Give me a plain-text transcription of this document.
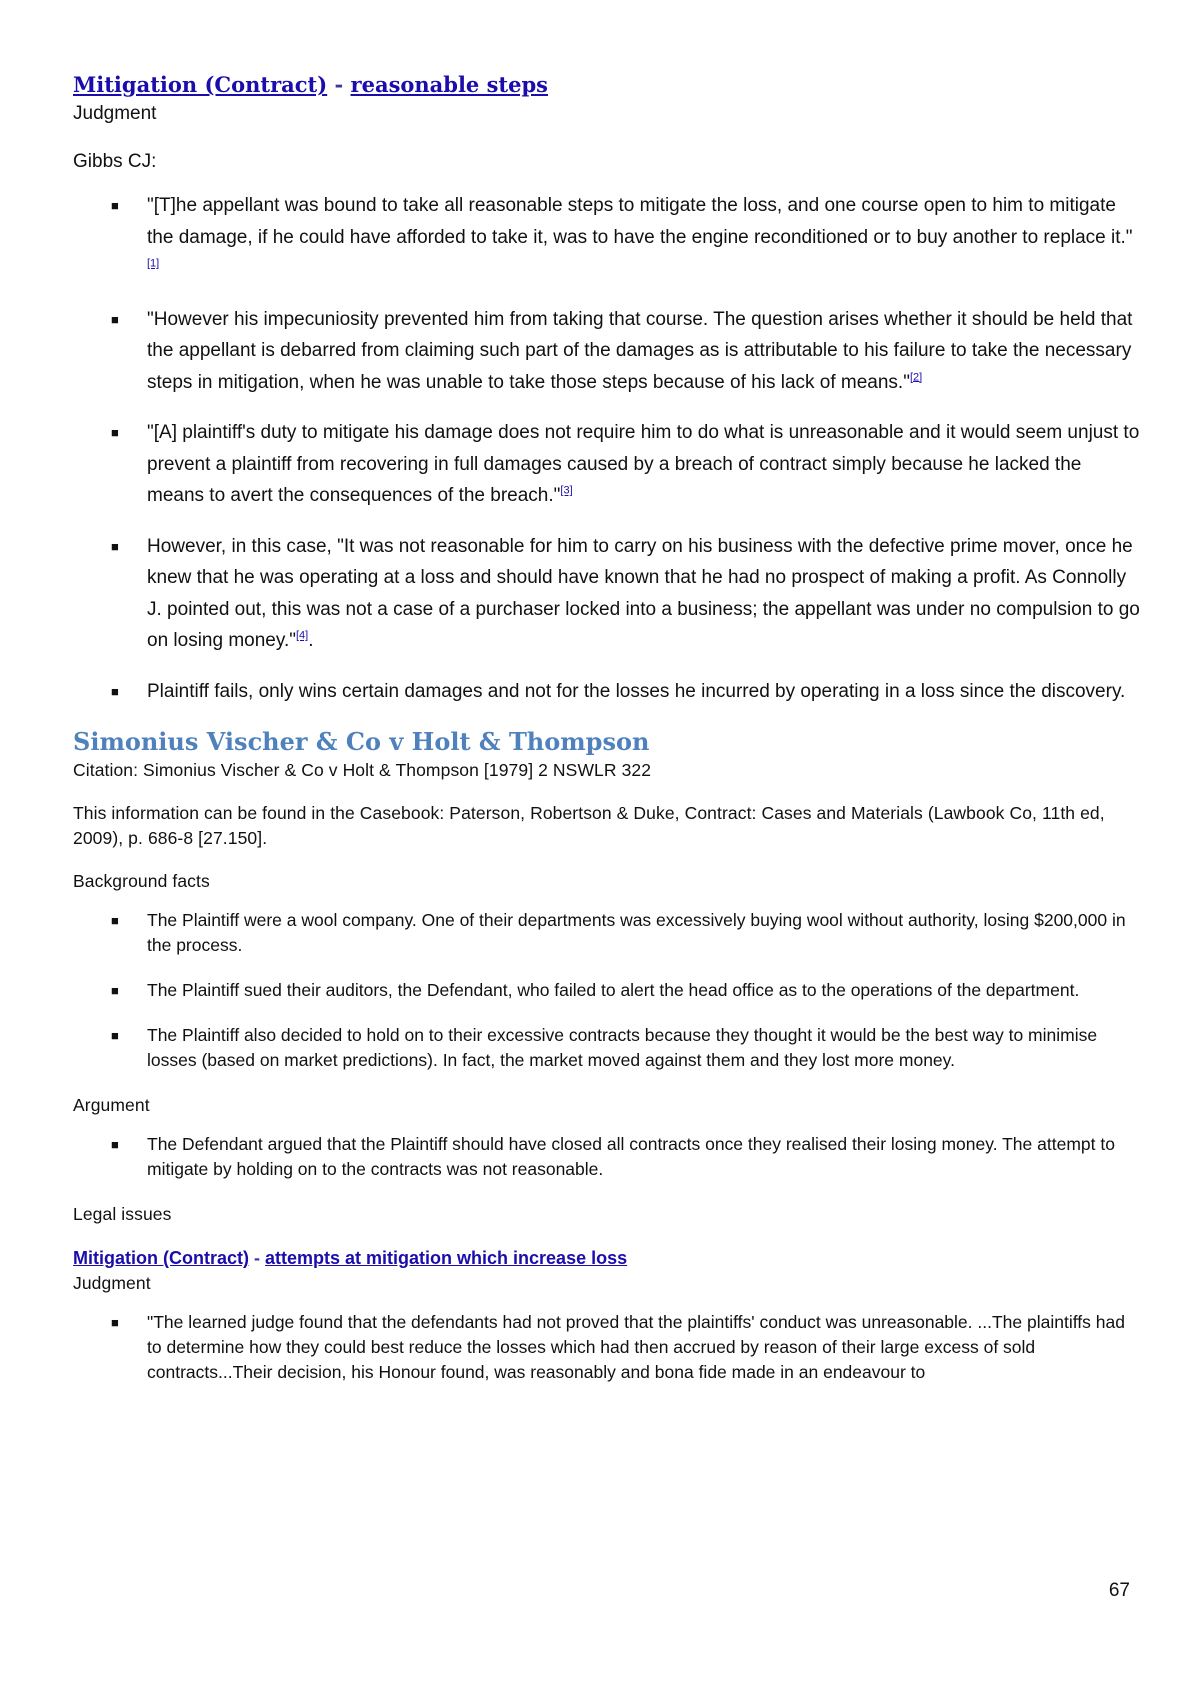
Mitigation (Contract) - reasonable steps
Judgment
Gibbs CJ:
■ "[T]he appellant was bound to take all reasonable steps to mitigate the loss, and one course open to him to mitigate the damage, if he could have afforded to take it, was to have the engine reconditioned or to buy another to replace it."[1]
■ "However his impecuniosity prevented him from taking that course. The question arises whether it should be held that the appellant is debarred from claiming such part of the damages as is attributable to his failure to take the necessary steps in mitigation, when he was unable to take those steps because of his lack of means."[2]
■ "[A] plaintiff's duty to mitigate his damage does not require him to do what is unreasonable and it would seem unjust to prevent a plaintiff from recovering in full damages caused by a breach of contract simply because he lacked the means to avert the consequences of the breach."[3]
■ However, in this case, "It was not reasonable for him to carry on his business with the defective prime mover, once he knew that he was operating at a loss and should have known that he had no prospect of making a profit. As Connolly J. pointed out, this was not a case of a purchaser locked into a business; the appellant was under no compulsion to go on losing money."[4].
■ Plaintiff fails, only wins certain damages and not for the losses he incurred by operating in a loss since the discovery.
Simonius Vischer & Co v Holt & Thompson
Citation: Simonius Vischer & Co v Holt & Thompson [1979] 2 NSWLR 322
This information can be found in the Casebook: Paterson, Robertson & Duke, Contract: Cases and Materials (Lawbook Co, 11th ed, 2009), p. 686-8 [27.150].
Background facts
■ The Plaintiff were a wool company. One of their departments was excessively buying wool without authority, losing $200,000 in the process.
■ The Plaintiff sued their auditors, the Defendant, who failed to alert the head office as to the operations of the department.
■ The Plaintiff also decided to hold on to their excessive contracts because they thought it would be the best way to minimise losses (based on market predictions). In fact, the market moved against them and they lost more money.
Argument
■ The Defendant argued that the Plaintiff should have closed all contracts once they realised their losing money. The attempt to mitigate by holding on to the contracts was not reasonable.
Legal issues
Mitigation (Contract) - attempts at mitigation which increase loss
Judgment
■ "The learned judge found that the defendants had not proved that the plaintiffs' conduct was unreasonable. ...The plaintiffs had to determine how they could best reduce the losses which had then accrued by reason of their large excess of sold contracts...Their decision, his Honour found, was reasonably and bona fide made in an endeavour to
67
